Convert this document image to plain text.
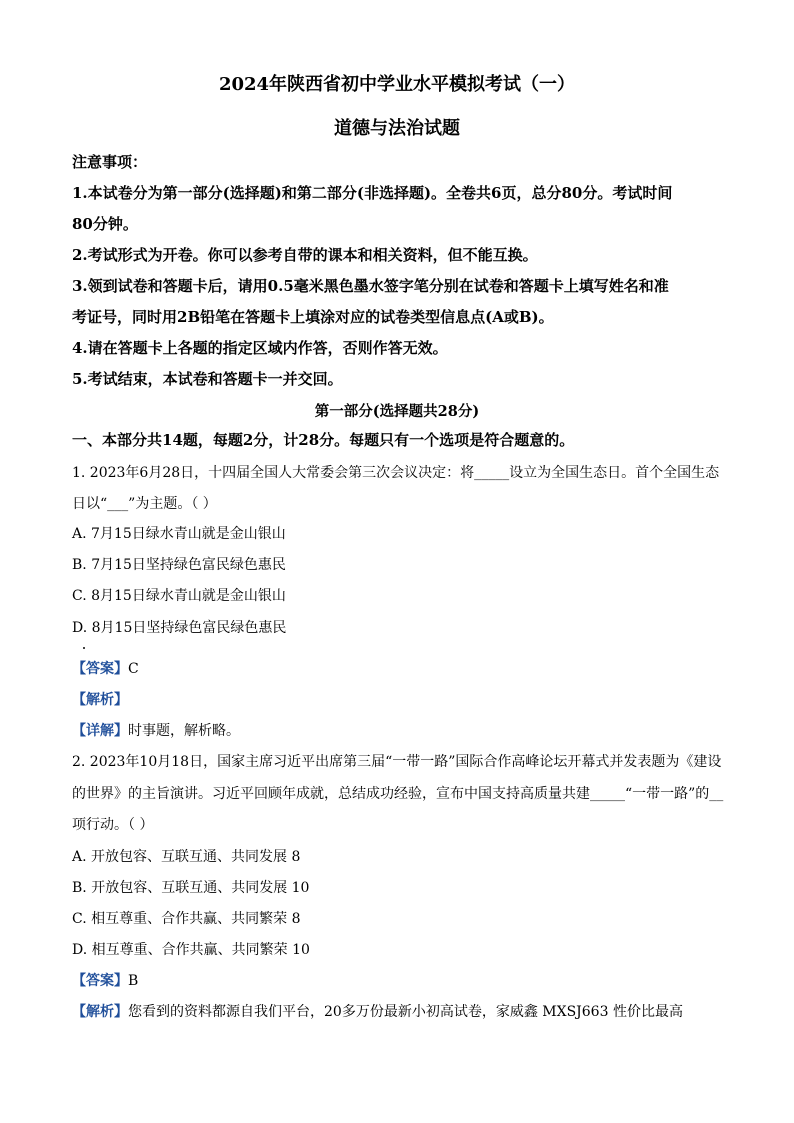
2024年陕西省初中学业水平模拟考试（一）
道德与法治试题
注意事项：
1.本试卷分为第一部分(选择题)和第二部分(非选择题)。全卷共6页，总分80分。考试时间
80分钟。
2.考试形式为开卷。你可以参考自带的课本和相关资料，但不能互换。
3.领到试卷和答题卡后，请用0.5毫米黑色墨水签字笔分别在试卷和答题卡上填写姓名和准
考证号，同时用2B铅笔在答题卡上填涂对应的试卷类型信息点(A或B)。
4.请在答题卡上各题的指定区域内作答，否则作答无效。
5.考试结束，本试卷和答题卡一并交回。
第一部分(选择题共28分)
一、本部分共14题，每题2分，计28分。每题只有一个选项是符合题意的。
1. 2023年6月28日，十四届全国人大常委会第三次会议决定：将_____设立为全国生态日。首个全国生态
日以“___”为主题。（ ）
A. 7月15日绿水青山就是金山银山
B. 7月15日坚持绿色富民绿色惠民
C. 8月15日绿水青山就是金山银山
D. 8月15日坚持绿色富民绿色惠民
【答案】C
【解析】
【详解】时事题，解析略。
2. 2023年10月18日，国家主席习近平出席第三届“一带一路”国际合作高峰论坛开幕式并发表题为《建设
的世界》的主旨演讲。习近平回顾年成就，总结成功经验，宣布中国支持高质量共建_____“一带一路”的__
项行动。（ ）
A. 开放包容、互联互通、共同发展 8
B. 开放包容、互联互通、共同发展 10
C. 相互尊重、合作共赢、共同繁荣 8
D. 相互尊重、合作共赢、共同繁荣 10
【答案】B
【解析】您看到的资料都源自我们平台，20多万份最新小初高试卷，家威鑫 MXSJ663 性价比最高
